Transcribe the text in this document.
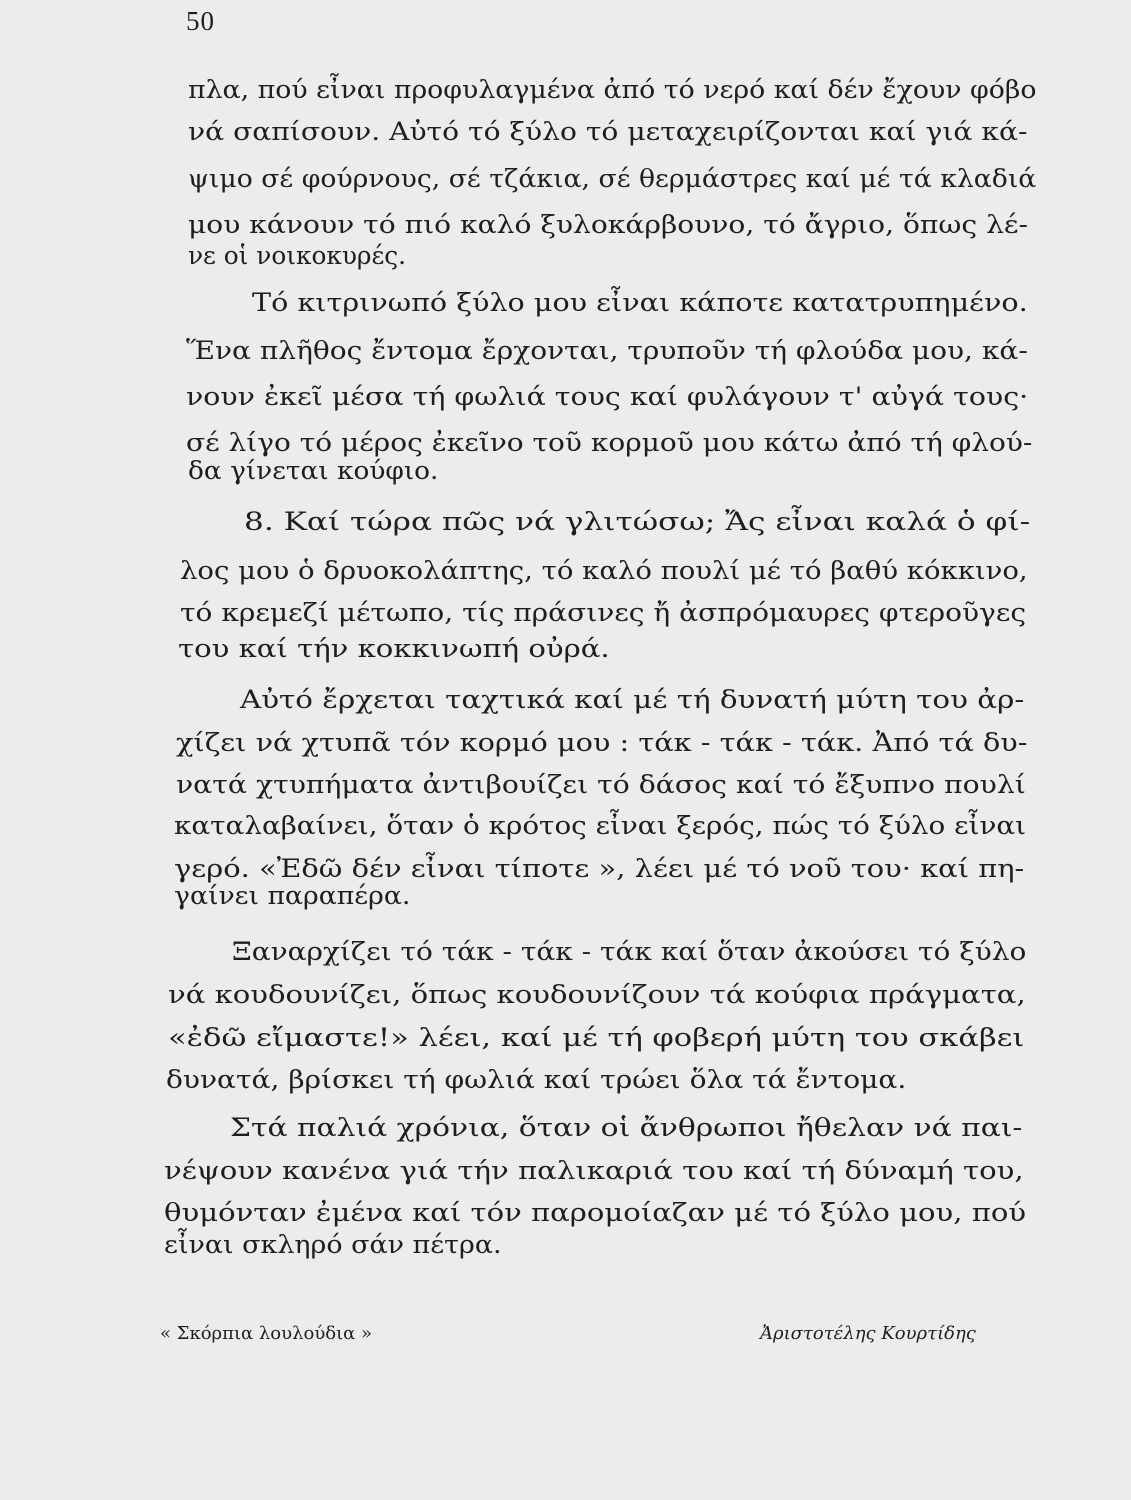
50
πλα, πού εἶναι προφυλαγμένα ἀπό τό νερό καί δέν ἔχουν φόβο
νά σαπίσουν. Αὐτό τό ξύλο τό μεταχειρίζονται καί γιά κά-
ψιμο σέ φούρνους, σέ τζάκια, σέ θερμάστρες καί μέ τά κλαδιά
μου κάνουν τό πιό καλό ξυλοκάρβουνο, τό ἄγριο, ὅπως λέ-
νε οἱ νοικοκυρές.
Τό κιτρινωπό ξύλο μου εἶναι κάποτε κατατρυπημένο.
Ἕνα πλῆθος ἔντομα ἔρχονται, τρυποῦν τή φλούδα μου, κά-
νουν ἐκεῖ μέσα τή φωλιά τους καί φυλάγουν τ' αὐγά τους·
σέ λίγο τό μέρος ἐκεῖνο τοῦ κορμοῦ μου κάτω ἀπό τή φλού-
δα γίνεται κούφιο.
8. Καί τώρα πῶς νά γλιτώσω; Ἄς εἶναι καλά ὁ φί-
λος μου ὁ δρυοκολάπτης, τό καλό πουλί μέ τό βαθύ κόκκινο,
τό κρεμεζί μέτωπο, τίς πράσινες ἤ ἀσπρόμαυρες φτεροῦγες
του καί τήν κοκκινωπή οὐρά.
Αὐτό ἔρχεται ταχτικά καί μέ τή δυνατή μύτη του ἀρ-
χίζει νά χτυπᾶ τόν κορμό μου : τάκ - τάκ - τάκ. Ἀπό τά δυ-
νατά χτυπήματα ἀντιβουίζει τό δάσος καί τό ἔξυπνο πουλί
καταλαβαίνει, ὅταν ὁ κρότος εἶναι ξερός, πώς τό ξύλο εἶναι
γερό. «Ἐδῶ δέν εἶναι τίποτε », λέει μέ τό νοῦ του· καί πη-
γαίνει παραπέρα.
Ξαναρχίζει τό τάκ - τάκ - τάκ καί ὅταν ἀκούσει τό ξύλο
νά κουδουνίζει, ὅπως κουδουνίζουν τά κούφια πράγματα,
«ἐδῶ εἴμαστε!» λέει, καί μέ τή φοβερή μύτη του σκάβει
δυνατά, βρίσκει τή φωλιά καί τρώει ὅλα τά ἔντομα.
Στά παλιά χρόνια, ὅταν οἱ ἄνθρωποι ἤθελαν νά παι-
νέψουν κανένα γιά τήν παλικαριά του καί τή δύναμή του,
θυμόνταν ἐμένα καί τόν παρομοίαζαν μέ τό ξύλο μου, πού
εἶναι σκληρό σάν πέτρα.
« Σκόρπια λουλούδια »	Ἀριστοτέλης Κουρτίδης
